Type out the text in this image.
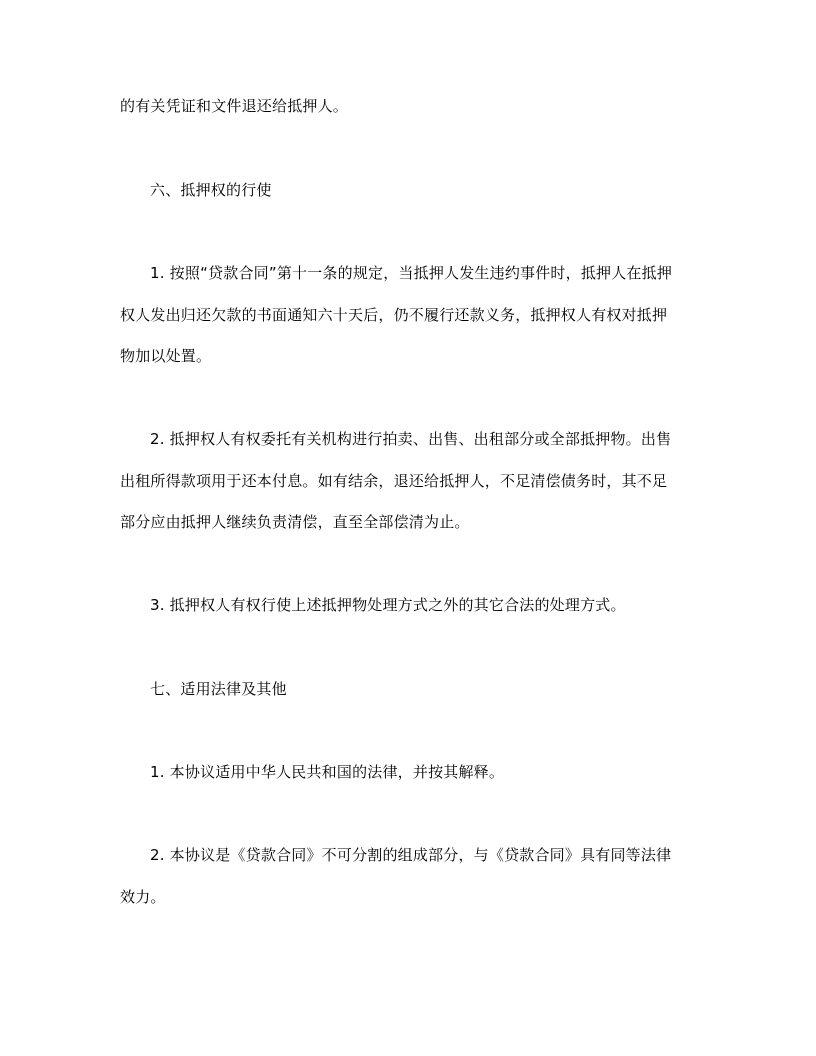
的有关凭证和文件退还给抵押人。
六、抵押权的行使
1. 按照“贷款合同”第十一条的规定，当抵押人发生违约事件时，抵押人在抵押
权人发出归还欠款的书面通知六十天后，仍不履行还款义务，抵押权人有权对抵押
物加以处置。
2. 抵押权人有权委托有关机构进行拍卖、出售、出租部分或全部抵押物。出售
出租所得款项用于还本付息。如有结余，退还给抵押人，不足清偿债务时，其不足
部分应由抵押人继续负责清偿，直至全部偿清为止。
3. 抵押权人有权行使上述抵押物处理方式之外的其它合法的处理方式。
七、适用法律及其他
1. 本协议适用中华人民共和国的法律，并按其解释。
2. 本协议是《贷款合同》不可分割的组成部分，与《贷款合同》具有同等法律
效力。
